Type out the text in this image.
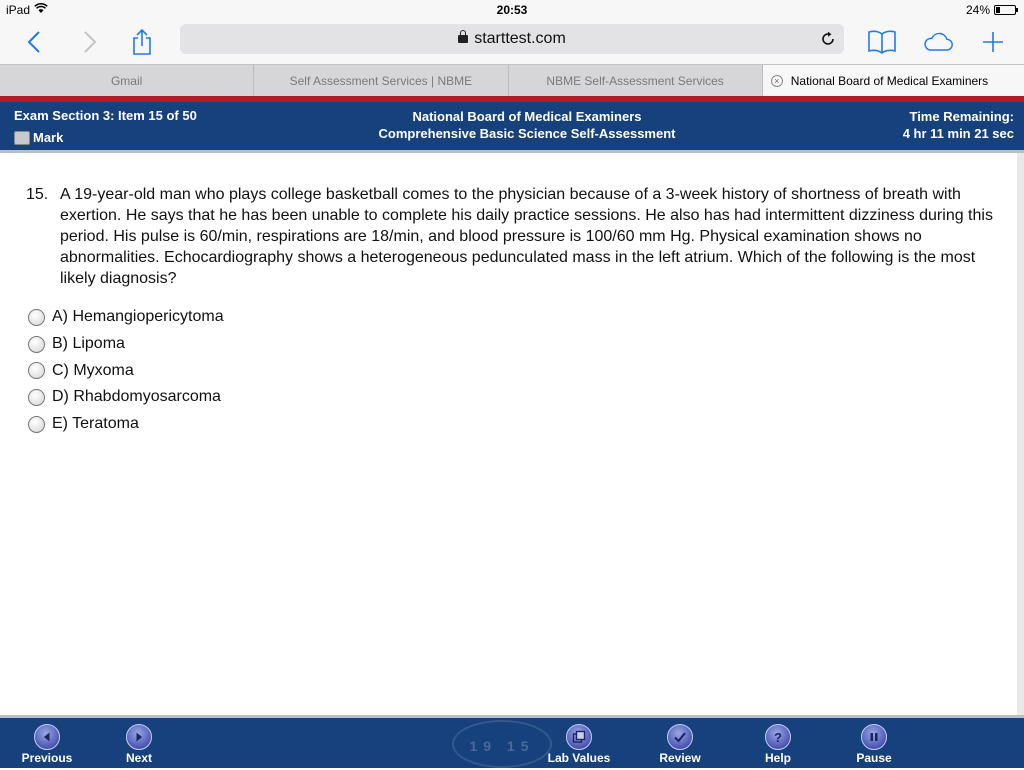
iPad	20:53	24%
starttest.com
Gmail	Self Assessment Services | NBME	NBME Self-Assessment Services	× National Board of Medical Examiners
Exam Section 3: Item 15 of 50
Mark
National Board of Medical Examiners
Comprehensive Basic Science Self-Assessment
Time Remaining:
4 hr 11 min 21 sec
15. A 19-year-old man who plays college basketball comes to the physician because of a 3-week history of shortness of breath with exertion. He says that he has been unable to complete his daily practice sessions. He also has had intermittent dizziness during this period. His pulse is 60/min, respirations are 18/min, and blood pressure is 100/60 mm Hg. Physical examination shows no abnormalities. Echocardiography shows a heterogeneous pedunculated mass in the left atrium. Which of the following is the most likely diagnosis?
A) Hemangiopericytoma
B) Lipoma
C) Myxoma
D) Rhabdomyosarcoma
E) Teratoma
19 15
Previous	Next	Lab Values	Review
?
Help	Pause
